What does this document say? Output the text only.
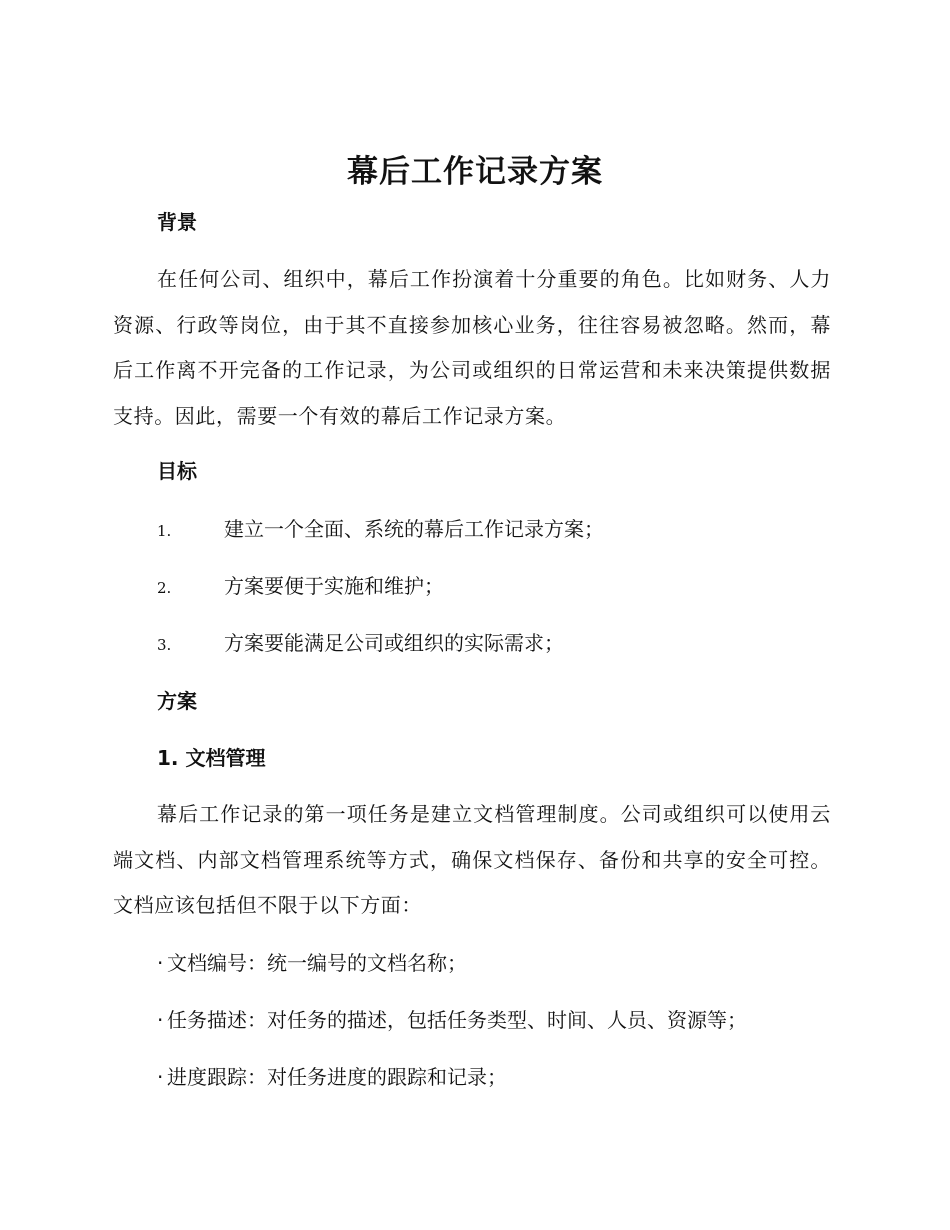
幕后工作记录方案
背景
在任何公司、组织中，幕后工作扮演着十分重要的角色。比如财务、人力资源、行政等岗位，由于其不直接参加核心业务，往往容易被忽略。然而，幕后工作离不开完备的工作记录，为公司或组织的日常运营和未来决策提供数据支持。因此，需要一个有效的幕后工作记录方案。
目标
1.	建立一个全面、系统的幕后工作记录方案；
2.	方案要便于实施和维护；
3.	方案要能满足公司或组织的实际需求；
方案
1. 文档管理
幕后工作记录的第一项任务是建立文档管理制度。公司或组织可以使用云端文档、内部文档管理系统等方式，确保文档保存、备份和共享的安全可控。文档应该包括但不限于以下方面：
· 文档编号：统一编号的文档名称；
· 任务描述：对任务的描述，包括任务类型、时间、人员、资源等；
· 进度跟踪：对任务进度的跟踪和记录；
